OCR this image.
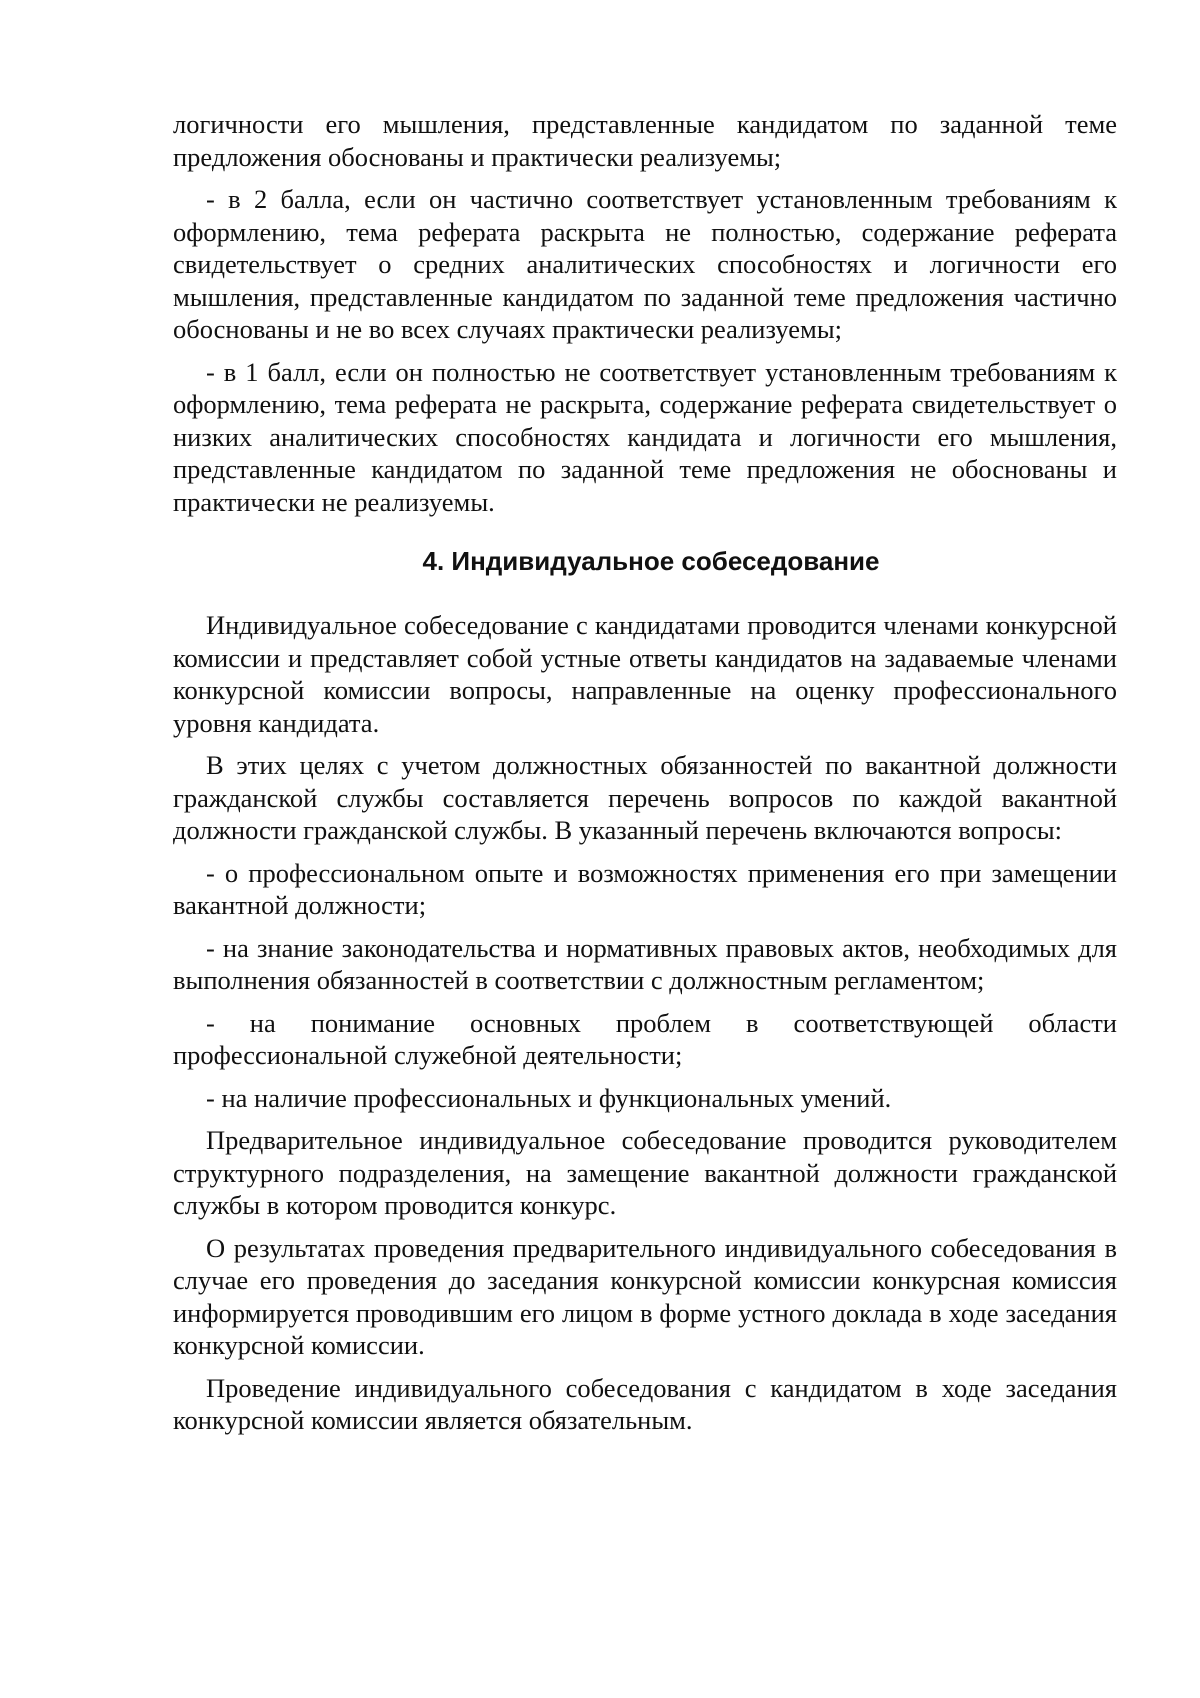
логичности его мышления, представленные кандидатом по заданной теме предложения обоснованы и практически реализуемы;

- в 2 балла, если он частично соответствует установленным требованиям к оформлению, тема реферата раскрыта не полностью, содержание реферата свидетельствует о средних аналитических способностях и логичности его мышления, представленные кандидатом по заданной теме предложения частично обоснованы и не во всех случаях практически реализуемы;

- в 1 балл, если он полностью не соответствует установленным требованиям к оформлению, тема реферата не раскрыта, содержание реферата свидетельствует о низких аналитических способностях кандидата и логичности его мышления, представленные кандидатом по заданной теме предложения не обоснованы и практически не реализуемы.

4. Индивидуальное собеседование

Индивидуальное собеседование с кандидатами проводится членами конкурсной комиссии и представляет собой устные ответы кандидатов на задаваемые членами конкурсной комиссии вопросы, направленные на оценку профессионального уровня кандидата.

В этих целях с учетом должностных обязанностей по вакантной должности гражданской службы составляется перечень вопросов по каждой вакантной должности гражданской службы. В указанный перечень включаются вопросы:

- о профессиональном опыте и возможностях применения его при замещении вакантной должности;

- на знание законодательства и нормативных правовых актов, необходимых для выполнения обязанностей в соответствии с должностным регламентом;

- на понимание основных проблем в соответствующей области профессиональной служебной деятельности;

- на наличие профессиональных и функциональных умений.

Предварительное индивидуальное собеседование проводится руководителем структурного подразделения, на замещение вакантной должности гражданской службы в котором проводится конкурс.

О результатах проведения предварительного индивидуального собеседования в случае его проведения до заседания конкурсной комиссии конкурсная комиссия информируется проводившим его лицом в форме устного доклада в ходе заседания конкурсной комиссии.

Проведение индивидуального собеседования с кандидатом в ходе заседания конкурсной комиссии является обязательным.
